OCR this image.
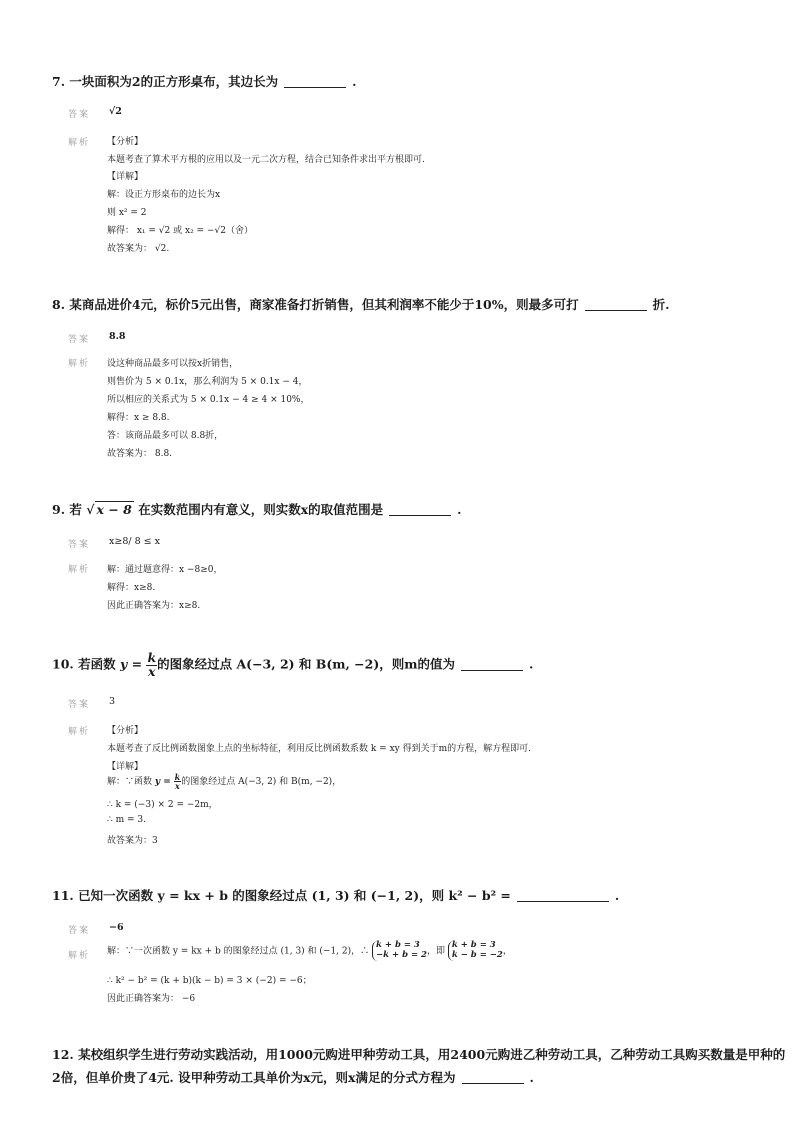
7. 一块面积为2的正方形桌布，其边长为	.
答案 √2
解析 【分析】
本题考查了算术平方根的应用以及一元二次方程，结合已知条件求出平方根即可.
【详解】
解：设正方形桌布的边长为x
则 x² = 2
解得： x₁ = √2 或 x₂ = −√2（舍）
故答案为： √2.
8. 某商品进价4元，标价5元出售，商家准备打折销售，但其利润率不能少于10%，则最多可打	折.
答案 8.8
解析 设这种商品最多可以按x折销售，
则售价为 5 × 0.1x，那么利润为 5 × 0.1x − 4，
所以相应的关系式为 5 × 0.1x − 4 ≥ 4 × 10%，
解得：x ≥ 8.8.
答：该商品最多可以 8.8折，
故答案为： 8.8.
9. 若 √ x − 8 在实数范围内有意义，则实数x的取值范围是	.
答案 x≥8/ 8 ≤ x
解析 解：通过题意得：x −8≥0，
解得：x≥8.
因此正确答案为：x≥8.
10. 若函数 $y = \frac{k}{x}$ 的图象经过点 A(−3, 2) 和 B(m, −2)，则m的值为	.
答案 3
解析 【分析】
本题考查了反比例函数图象上点的坐标特征，利用反比例函数系数 k = xy 得到关于m的方程，解方程即可.
【详解】
解：∵函数 $y = \frac{k}{x}$ 的图象经过点 A(−3, 2) 和 B(m, −2)，
∴ k = (−3) × 2 = −2m，
∴ m = 3.
故答案为：3
11. 已知一次函数 y = kx + b 的图象经过点 (1, 3) 和 (−1, 2)，则 k² − b² =	.
答案 −6
解：∵一次函数 y = kx + b 的图象经过点 (1, 3) 和 (−1, 2)，∴
k + b = 3
−k + b = 2 ，即
k + b = 3
k − b = −2 ，
解析
∴ k² − b² = (k + b)(k − b) = 3 × (−2) = −6；
因此正确答案为： −6
12. 某校组织学生进行劳动实践活动，用1000元购进甲种劳动工具，用2400元购进乙种劳动工具，乙种劳动工具购买数量是甲种的
2倍，但单价贵了4元. 设甲种劳动工具单价为x元，则x满足的分式方程为	.
